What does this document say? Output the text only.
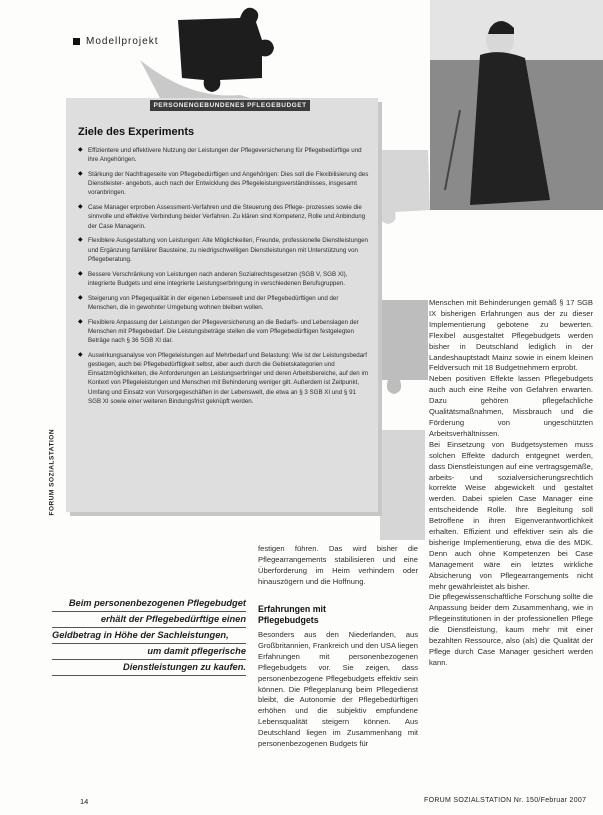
Modellprojekt
FORUM SOZIALSTATION
PERSONENGEBUNDENES PFLEGEBUDGET
Ziele des Experiments
◆ Effizientere und effektivere Nutzung der Leistungen der Pflegeversicherung für Pflegebedürftige und ihre Angehörigen.
◆ Stärkung der Nachfrageseite von Pflegebedürftigen und Angehörigen: Dies soll die Flexibilisierung des Dienstleister- angebots, auch nach der Entwicklung des Pflegeleistungsverständnisses, insgesamt voranbringen.
◆ Case Manager erproben Assessment-Verfahren und die Steuerung des Pflege- prozesses sowie die sinnvolle und effektive Verbindung beider Verfahren. Zu klären sind Kompetenz, Rolle und Anbindung der Case Managerin.
◆ Flexiblere Ausgestaltung von Leistungen: Alte Möglichkeiten, Freunde, professionelle Dienstleistungen und Ergänzung familiärer Bausteine, zu niedrigschwelligen Dienstleistungen mit Unterstützung von Pflegeberatung.
◆ Bessere Verschränkung von Leistungen nach anderen Sozialrechtsgesetzen (SGB V, SGB XI), integrierte Budgets und eine integrierte Leistungserbringung in verschiedenen Berufsgruppen.
◆ Steigerung von Pflegequalität in der eigenen Lebenswelt und der Pflegebedürftigen und der Menschen, die in gewohnter Umgebung wohnen bleiben wollen.
◆ Flexiblere Anpassung der Leistungen der Pflegeversicherung an die Bedarfs- und Lebenslagen der Menschen mit Pflegebedarf. Die Leistungsbeträge stellen die vom Pflegebedürftigen festgelegten Beträge nach § 36 SGB XI dar.
◆ Auswirkungsanalyse von Pflegeleistungen auf Mehrbedarf und Belastung: Wie ist der Leistungsbedarf gestiegen, auch bei Pflegebedürftigkeit selbst, aber auch durch die Gebietskategorien und Einsatzmöglichkeiten, die Anforderungen an Leistungserbringer und deren Arbeitsbereiche, auf den im Kontext von Pflegeleistungen und Menschen mit Behinderung weniger gilt. Außerdem ist Zeitpunkt, Umfang und Einsatz von Vorsorgegeschäften in der Lebenswelt, die etwa an § 3 SGB XI und § 91 SGB XI sowie einer weiteren Bindungsfrist geknüpft werden.

Menschen mit Behinderungen gemäß § 17 SGB IX bisherigen Erfahrungen aus der zu dieser Implementierung gebotene zu bewerten. Flexibel ausgestaltet Pflegebudgets werden bisher in Deutschland lediglich in der Landeshauptstadt Mainz sowie in einem kleinen Feldversuch mit 18 Budgetnehmern erprobt.

Neben positiven Effekte lassen Pflegebudgets auch auch eine Reihe von Gefahren erwarten. Dazu gehören pflegefachliche Qualitätsmaßnahmen, Missbrauch und die Förderung von ungeschützten Arbeitsverhältnissen.

Bei Einsetzung von Budgetsystemen muss solchen Effekte dadurch entgegnet werden, dass Dienstleistungen auf eine vertragsgemäße, arbeits- und sozialversicherungsrechtlich korrekte Weise abgewickelt und gestaltet werden. Dabei spielen Case Manager eine entscheidende Rolle. Ihre Begleitung soll Betroffene in ihren Eigenverantwortlichkeit erhalten. Effizient und effektiver sein als die bisherige Implementierung, etwa die des MDK. Denn auch ohne Kompetenzen bei Case Management wäre ein letztes wirkliche Absicherung von Pflegearrangements nicht mehr gewährleistet als bisher.

Die pflegewissenschaftliche Forschung sollte die Anpassung beider dem Zusammenhang, wie in Pflegeinstitutionen in der professionellen Pflege die Dienstleistung, kaum mehr mit einer bezahlten Ressource, also (als) die Qualität der Pflege durch Case Manager gesichert werden kann.

festigen führen. Das wird bisher die Pflegearrangements stabilisieren und eine Überforderung im Heim verhindern oder hinauszögern und die Hoffnung.

Erfahrungen mit
Pflegebudgets

Besonders aus den Niederlanden, aus Großbritannien, Frankreich und den USA liegen Erfahrungen mit personenbezogenen Pflegebudgets vor. Sie zeigen, dass personenbezogene Pflegebudgets effektiv sein können. Die Pflegeplanung beim Pflegedienst bleibt, die Autonomie der Pflegebedürftigen erhöhen und die subjektiv empfundene Lebensqualität steigern können. Aus Deutschland liegen im Zusammenhang mit personenbezogenen Budgets für

Beim personenbezogenen Pflegebudget
erhält der Pflegebedürftige einen
Geldbetrag in Höhe der Sachleistungen,
um damit pflegerische
Dienstleistungen zu kaufen.
14	FORUM SOZIALSTATION Nr. 150/Februar 2007
